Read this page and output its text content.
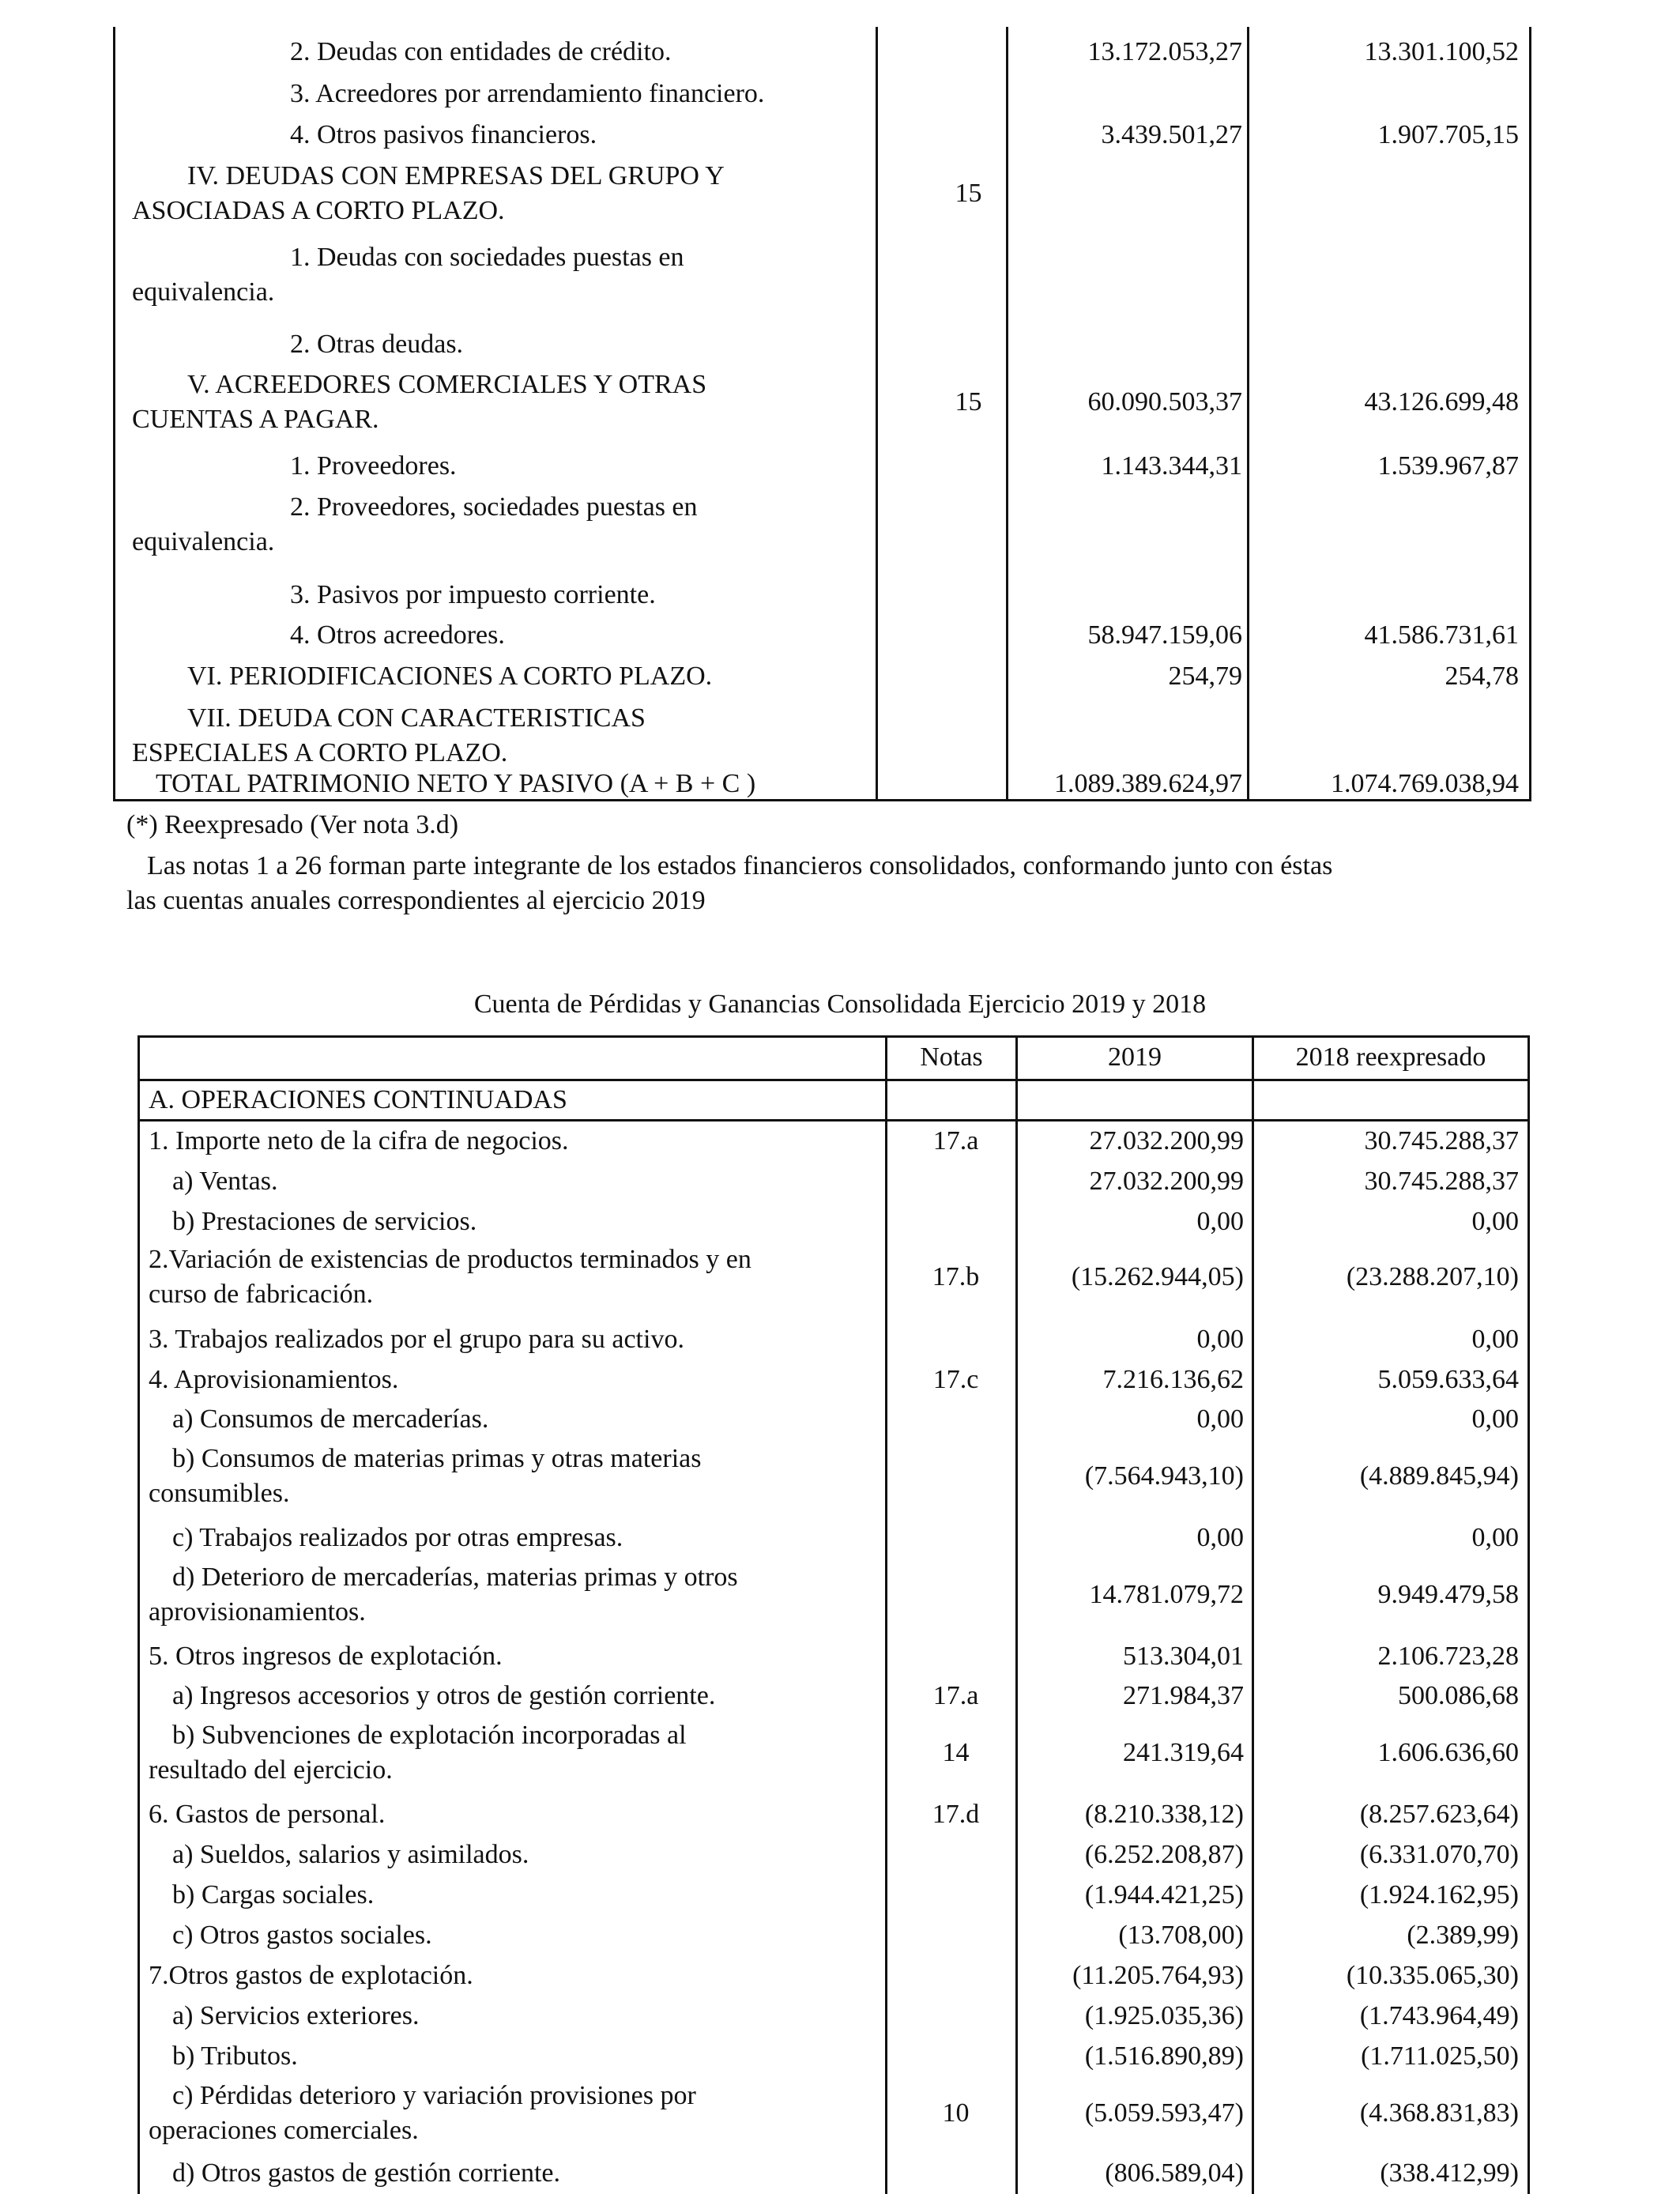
2. Deudas con entidades de crédito.	13.172.053,27	13.301.100,52
3. Acreedores por arrendamiento financiero.
4. Otros pasivos financieros.	3.439.501,27	1.907.705,15
IV. DEUDAS CON EMPRESAS DEL GRUPO Y
ASOCIADAS A CORTO PLAZO.
15
1. Deudas con sociedades puestas en
equivalencia.
2. Otras deudas.
V. ACREEDORES COMERCIALES Y OTRAS
CUENTAS A PAGAR.
15	60.090.503,37	43.126.699,48
1. Proveedores.	1.143.344,31	1.539.967,87
2. Proveedores, sociedades puestas en
equivalencia.
3. Pasivos por impuesto corriente.
4. Otros acreedores.	58.947.159,06	41.586.731,61
VI. PERIODIFICACIONES A CORTO PLAZO.	254,79	254,78
VII. DEUDA CON CARACTERISTICAS
ESPECIALES A CORTO PLAZO.
TOTAL PATRIMONIO NETO Y PASIVO (A + B + C )	1.089.389.624,97	1.074.769.038,94
(*) Reexpresado (Ver nota 3.d)
Las notas 1 a 26 forman parte integrante de los estados financieros consolidados, conformando junto con éstas
las cuentas anuales correspondientes al ejercicio 2019
Cuenta de Pérdidas y Ganancias Consolidada Ejercicio 2019 y 2018
Notas	2019	2018 reexpresado
A. OPERACIONES CONTINUADAS
1. Importe neto de la cifra de negocios.	17.a	27.032.200,99	30.745.288,37
a) Ventas.	27.032.200,99	30.745.288,37
b) Prestaciones de servicios.	0,00	0,00
2.Variación de existencias de productos terminados y en
curso de fabricación.
17.b	(15.262.944,05)	(23.288.207,10)
3. Trabajos realizados por el grupo para su activo.	0,00	0,00
4. Aprovisionamientos.	17.c	7.216.136,62	5.059.633,64
a) Consumos de mercaderías.	0,00	0,00
b) Consumos de materias primas y otras materias
consumibles.
(7.564.943,10)	(4.889.845,94)
c) Trabajos realizados por otras empresas.	0,00	0,00
d) Deterioro de mercaderías, materias primas y otros
aprovisionamientos.
14.781.079,72	9.949.479,58
5. Otros ingresos de explotación.	513.304,01	2.106.723,28
a) Ingresos accesorios y otros de gestión corriente.	17.a	271.984,37	500.086,68
b) Subvenciones de explotación incorporadas al
resultado del ejercicio.
14	241.319,64	1.606.636,60
6. Gastos de personal.	17.d	(8.210.338,12)	(8.257.623,64)
a) Sueldos, salarios y asimilados.	(6.252.208,87)	(6.331.070,70)
b) Cargas sociales.	(1.944.421,25)	(1.924.162,95)
c) Otros gastos sociales.	(13.708,00)	(2.389,99)
7.Otros gastos de explotación.	(11.205.764,93)	(10.335.065,30)
a) Servicios exteriores.	(1.925.035,36)	(1.743.964,49)
b) Tributos.	(1.516.890,89)	(1.711.025,50)
c) Pérdidas deterioro y variación provisiones por
operaciones comerciales.
10	(5.059.593,47)	(4.368.831,83)
d) Otros gastos de gestión corriente.	(806.589,04)	(338.412,99)
